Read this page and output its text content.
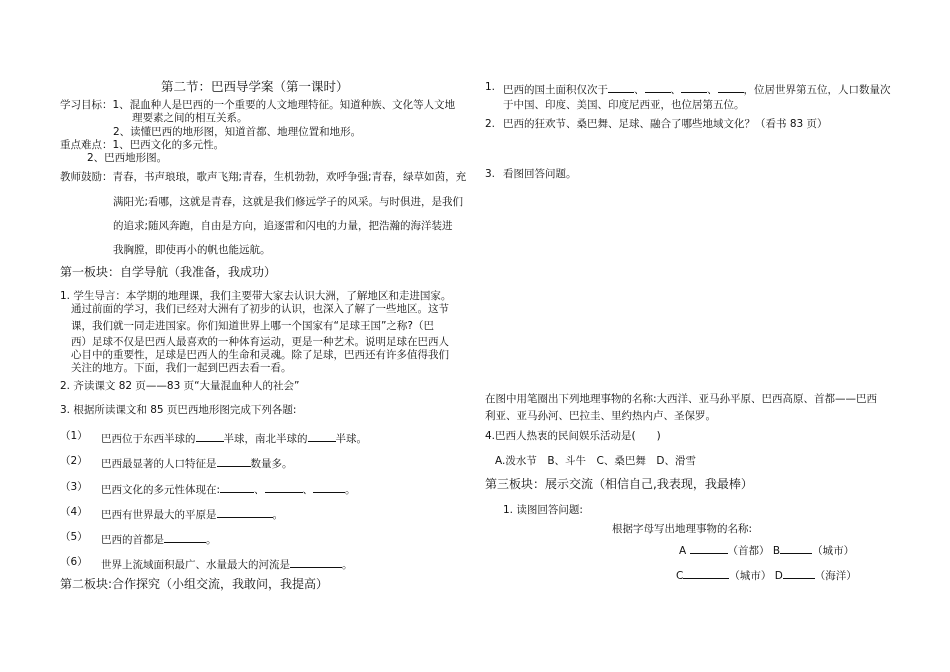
第二节：巴西导学案（第一课时）
学习目标：1、混血种人是巴西的一个重要的人文地理特征。知道种族、文化等人文地
理要素之间的相互关系。
2、读懂巴西的地形图，知道首都、地理位置和地形。
重点难点：1、巴西文化的多元性。
2、巴西地形图。
教师鼓励：青春，书声琅琅，歌声飞翔;青春，生机勃勃，欢呼争强;青春，绿草如茵，充
满阳光;看哪，这就是青春，这就是我们修远学子的风采。与时俱进，是我们
的追求;随风奔跑，自由是方向，追逐雷和闪电的力量，把浩瀚的海洋装进
我胸膛，即使再小的帆也能远航。
第一板块：自学导航（我准备，我成功）
1. 学生导言：本学期的地理课，我们主要带大家去认识大洲，了解地区和走进国家。
通过前面的学习，我们已经对大洲有了初步的认识，也深入了解了一些地区。这节
课，我们就一同走进国家。你们知道世界上哪一个国家有“足球王国”之称?（巴
西）足球不仅是巴西人最喜欢的一种体育运动，更是一种艺术。说明足球在巴西人
心目中的重要性，足球是巴西人的生命和灵魂。除了足球，巴西还有许多值得我们
关注的地方。下面，我们一起到巴西去看一看。
2. 齐读课文 82 页——83 页“大量混血种人的社会”
3. 根据所读课文和 85 页巴西地形图完成下列各题:
（1） 巴西位于东西半球的	半球，南北半球的	半球。
（2） 巴西最显著的人口特征是	数量多。
（3） 巴西文化的多元性体现在:	、	、	。
（4） 巴西有世界最大的平原是	。
（5） 巴西的首都是	。
（6） 世界上流域面积最广、水量最大的河流是	。
第二板块:合作探究（小组交流，我敢问，我提高）
1. 巴西的国土面积仅次于 、 、 、 ，位居世界第五位，人口数量次
于中国、印度、美国、印度尼西亚，也位居第五位。
2. 巴西的狂欢节、桑巴舞、足球、融合了哪些地域文化？（看书 83 页）
3. 看图回答问题。
在图中用笔圈出下列地理事物的名称:大西洋、亚马孙平原、巴西高原、首都——巴西
利亚、亚马孙河、巴拉圭、里约热内卢、圣保罗。
4.巴西人热衷的民间娱乐活动是(　　)
A.泼水节　B、斗牛　C、桑巴舞　D、滑雪
第三板块：展示交流（相信自己,我表现，我最棒）
1. 读图回答问题:
根据字母写出地理事物的名称:
A	（首都） B	（城市）
C	（城市） D	（海洋）
